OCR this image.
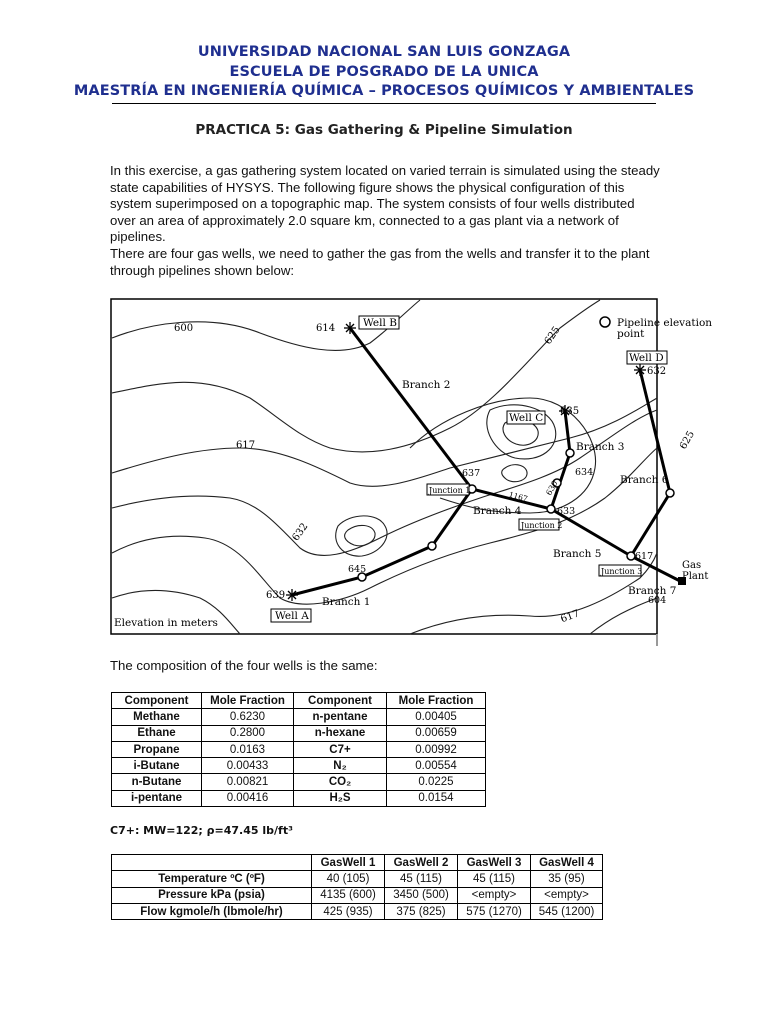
UNIVERSIDAD NACIONAL SAN LUIS GONZAGA
ESCUELA DE POSGRADO DE LA UNICA
MAESTRÍA EN INGENIERÍA QUÍMICA – PROCESOS QUÍMICOS Y AMBIENTALES
PRACTICA 5: Gas Gathering & Pipeline Simulation

In this exercise, a gas gathering system located on varied terrain is simulated using the steady state capabilities of HYSYS. The following figure shows the physical configuration of this system superimposed on a topographic map. The system consists of four wells distributed over an area of approximately 2.0 square km, connected to a gas plant via a network of pipelines.

There are four gas wells, we need to gather the gas from the wells and transfer it to the plant through pipelines shown below:

Well A
Well B
Well C
Well D
639
614
635
632
Branch 1
Branch 2
Branch 3
Branch 4
Branch 5
Branch 6
Branch 7
Junction 1
Junction 2
Junction 3
Gas
Plant
Pipeline elevation
point
Elevation in meters
600	625
617
632
625
617
645
637	634
630
633
617
604
1167
The composition of the four wells is the same:
Component	Mole Fraction	Component	Mole Fraction
Methane	0.6230	n-pentane	0.00405
Ethane	0.2800	n-hexane	0.00659
Propane	0.0163	C7+	0.00992
i-Butane	0.00433	N₂	0.00554
n-Butane	0.00821	CO₂	0.0225
i-pentane	0.00416	H₂S	0.0154
C7+: MW=122; ρ=47.45 lb/ft³
	GasWell 1	GasWell 2	GasWell 3	GasWell 4
Temperature ºC (ºF)	40 (105)	45 (115)	45 (115)	35 (95)
Pressure kPa (psia)	4135 (600)	3450 (500)	<empty>	<empty>
Flow kgmole/h (lbmole/hr)	425 (935)	375 (825)	575 (1270)	545 (1200)
